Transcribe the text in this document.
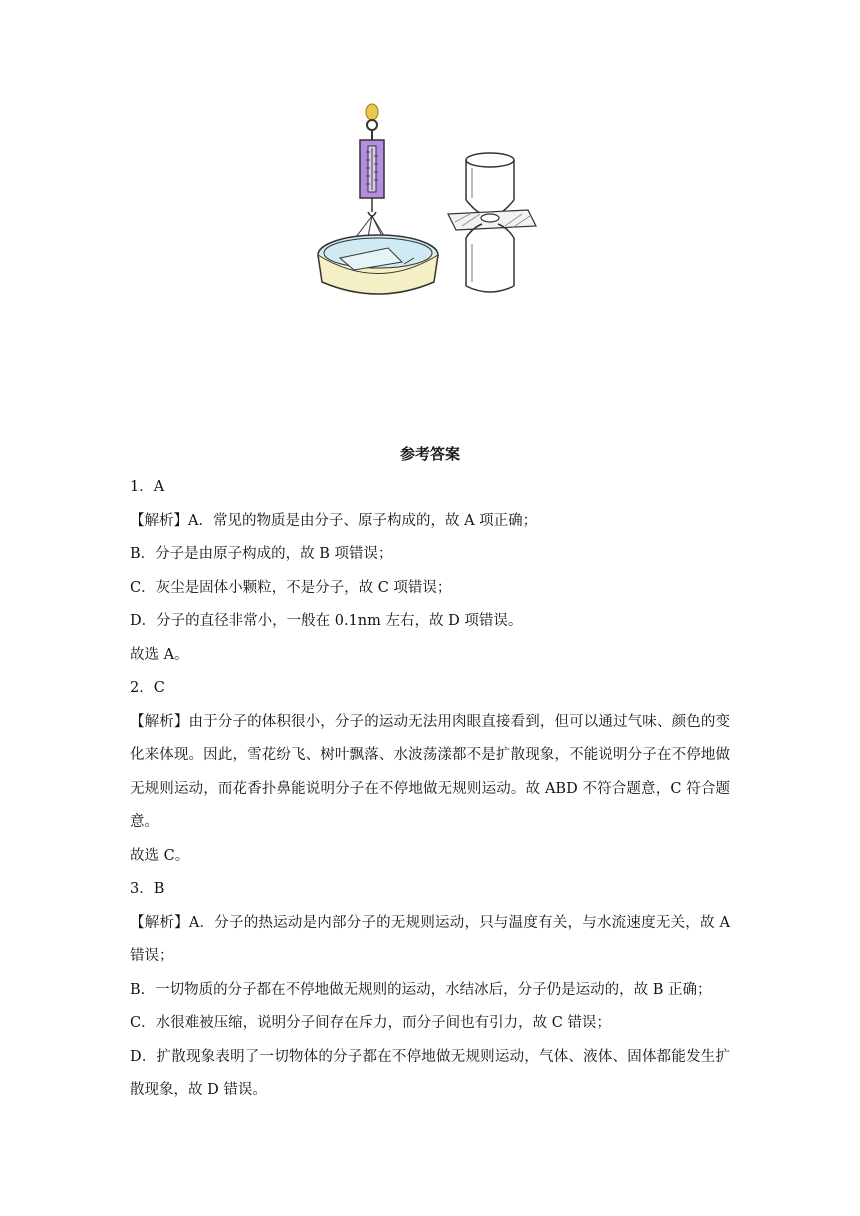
参考答案
1．A
【解析】A．常见的物质是由分子、原子构成的，故 A 项正确；
B．分子是由原子构成的，故 B 项错误；
C．灰尘是固体小颗粒，不是分子，故 C 项错误；
D．分子的直径非常小，一般在 0.1nm 左右，故 D 项错误。
故选 A。
2．C
【解析】由于分子的体积很小，分子的运动无法用肉眼直接看到，但可以通过气味、颜色的变化来体现。因此，雪花纷飞、树叶飘落、水波荡漾都不是扩散现象，不能说明分子在不停地做无规则运动，而花香扑鼻能说明分子在不停地做无规则运动。故 ABD 不符合题意，C 符合题意。
故选 C。
3．B
【解析】A．分子的热运动是内部分子的无规则运动，只与温度有关，与水流速度无关，故 A 错误；
B．一切物质的分子都在不停地做无规则的运动，水结冰后，分子仍是运动的，故 B 正确；
C．水很难被压缩，说明分子间存在斥力，而分子间也有引力，故 C 错误；
D．扩散现象表明了一切物体的分子都在不停地做无规则运动，气体、液体、固体都能发生扩散现象，故 D 错误。
